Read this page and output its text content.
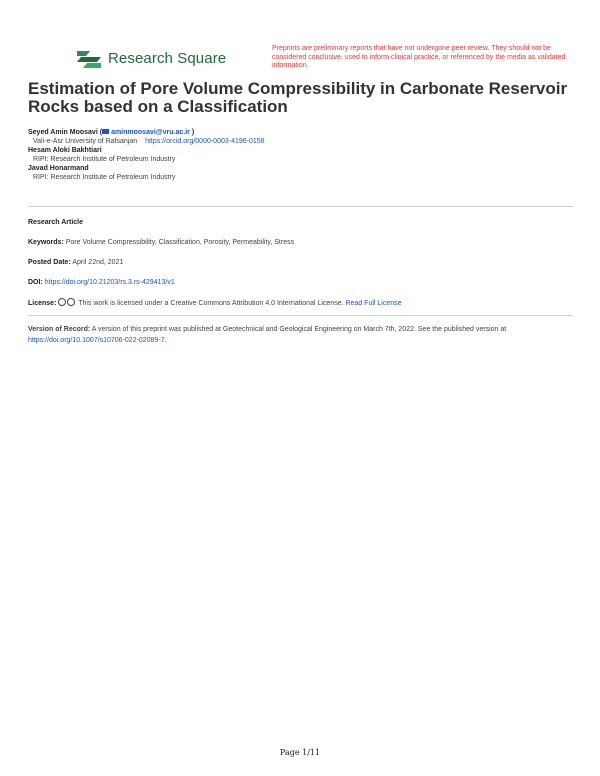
Research Square
Preprints are preliminary reports that have not undergone peer review. They should not be considered conclusive, used to inform clinical practice, or referenced by the media as validated information.
Estimation of Pore Volume Compressibility in Carbonate Reservoir Rocks based on a Classification
Seyed Amin Moosavi ( aminmoosavi@vru.ac.ir )
Vali-e-Asr University of Rafsanjan https://orcid.org/0000-0003-4196-0158
Hesam Aloki Bakhtiari
RIPI: Research Institute of Petroleum Industry
Javad Honarmand
RIPI: Research Institute of Petroleum Industry
Research Article
Keywords: Pore Volume Compressibility, Classification, Porosity, Permeability, Stress
Posted Date: April 22nd, 2021
DOI: https://doi.org/10.21203/rs.3.rs-429413/v1
License:	This work is licensed under a Creative Commons Attribution 4.0 International License. Read Full License
Version of Record: A version of this preprint was published at Geotechnical and Geological Engineering on March 7th, 2022. See the published version at https://doi.org/10.1007/s10706-022-02089-7.
Page 1/11
